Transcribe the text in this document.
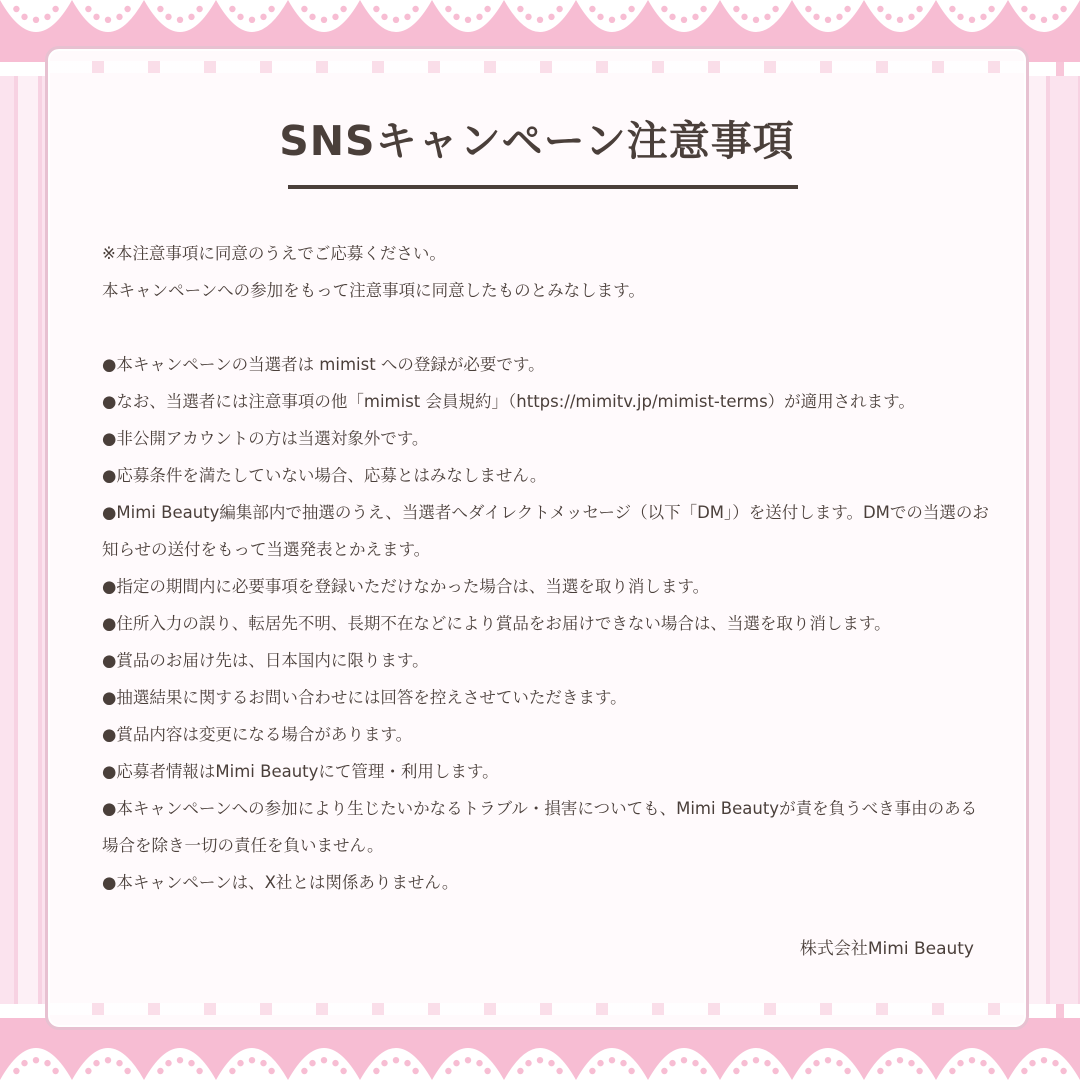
SNSキャンペーン注意事項

※本注意事項に同意のうえでご応募ください。

本キャンペーンへの参加をもって注意事項に同意したものとみなします。

●本キャンペーンの当選者は mimist への登録が必要です。

●なお、当選者には注意事項の他「mimist 会員規約」（https://mimitv.jp/mimist-terms）が適用されます。

●非公開アカウントの方は当選対象外です。

●応募条件を満たしていない場合、応募とはみなしません。

●Mimi Beauty編集部内で抽選のうえ、当選者へダイレクトメッセージ（以下「DM」）を送付します。DMでの当選のお知らせの送付をもって当選発表とかえます。

●指定の期間内に必要事項を登録いただけなかった場合は、当選を取り消します。

●住所入力の誤り、転居先不明、長期不在などにより賞品をお届けできない場合は、当選を取り消します。

●賞品のお届け先は、日本国内に限ります。

●抽選結果に関するお問い合わせには回答を控えさせていただきます。

●賞品内容は変更になる場合があります。

●応募者情報はMimi Beautyにて管理・利用します。

●本キャンペーンへの参加により生じたいかなるトラブル・損害についても、Mimi Beautyが責を負うべき事由のある場合を除き一切の責任を負いません。

●本キャンペーンは、X社とは関係ありません。

株式会社Mimi Beauty
